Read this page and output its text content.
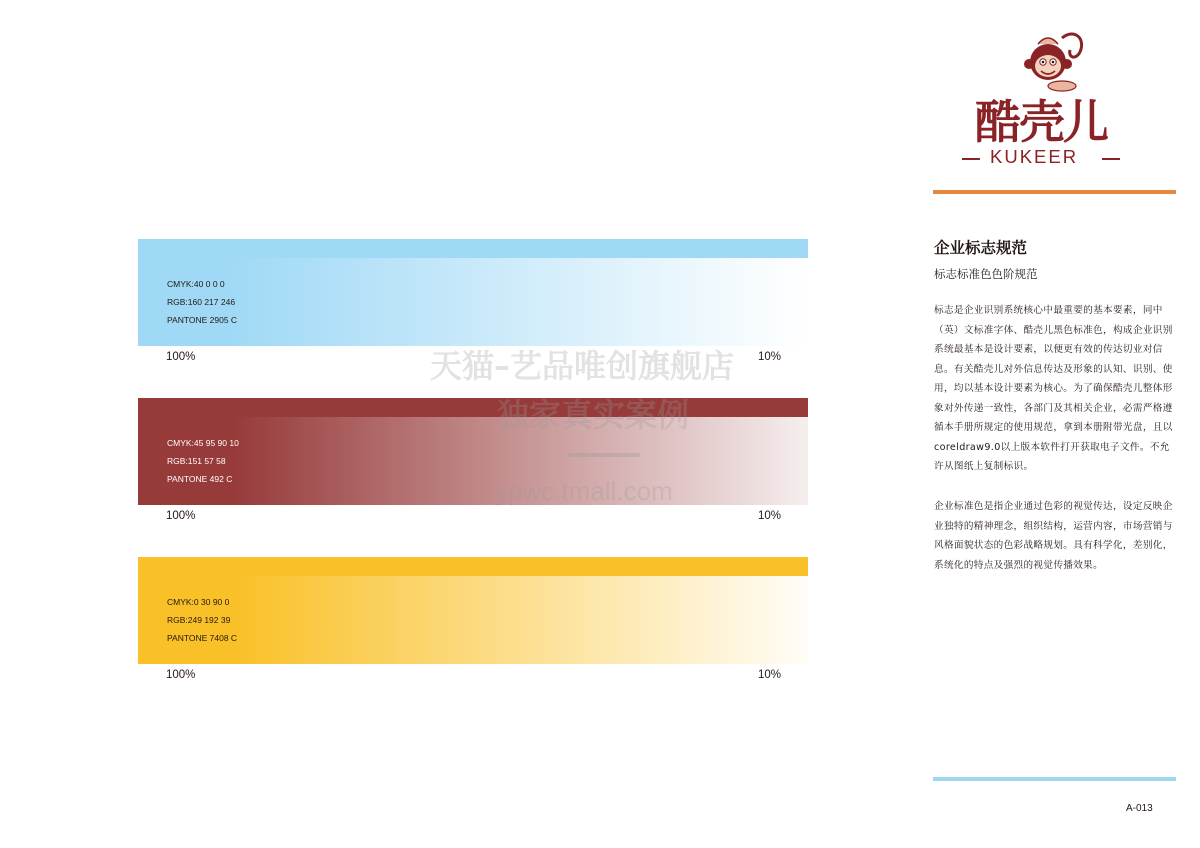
酷壳儿
KUKEER
CMYK:40 0 0 0
RGB:160 217 246
PANTONE 2905 C
100%	10%
CMYK:45 95 90 10
RGB:151 57 58
PANTONE 492 C
100%	10%
CMYK:0 30 90 0
RGB:249 192 39
PANTONE 7408 C
100%	10%
天猫–艺品唯创旗舰店
独家真实案例
ypwc.tmall.com
企业标志规范
标志标准色色阶规范
标志是企业识别系统核心中最重要的基本要素，同中（英）文标准字体、酷壳儿黑色标准色，构成企业识别系统最基本是设计要素，以便更有效的传达切业对信息。有关酷壳儿对外信息传达及形象的认知、识别、使用，均以基本设计要素为核心。为了确保酷壳儿整体形象对外传递一致性，各部门及其相关企业，必需严格遵循本手册所规定的使用规范，拿到本册附带光盘，且以coreldraw9.0以上版本软件打开获取电子文件。不允许从图纸上复制标识。
企业标准色是指企业通过色彩的视觉传达，设定反映企业独特的精神理念，组织结构，运营内容，市场营销与风格面貌状态的色彩战略规划。具有科学化，差别化，系统化的特点及强烈的视觉传播效果。
A-013
